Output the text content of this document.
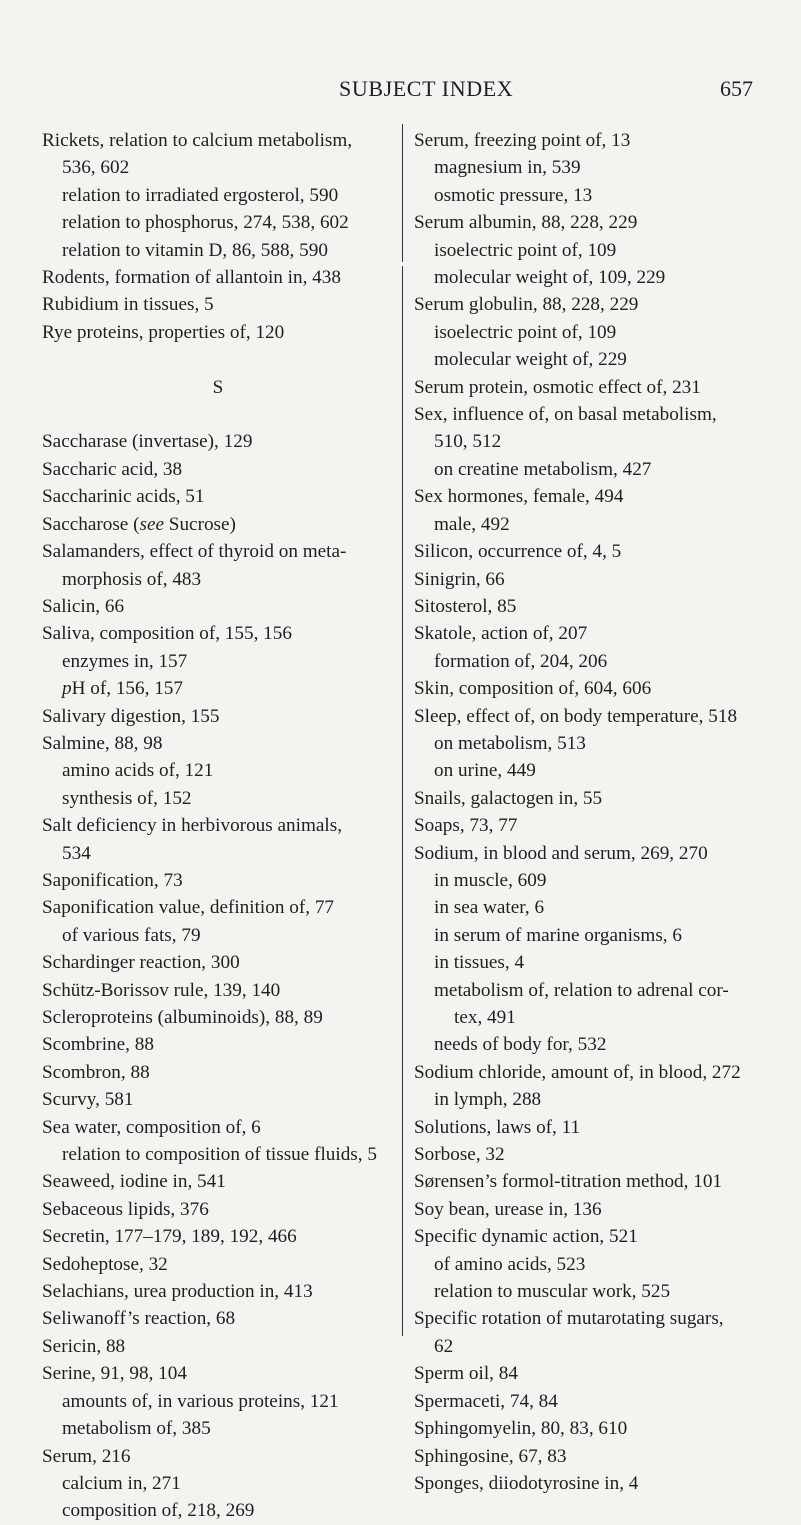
SUBJECT INDEX	657
Rickets, relation to calcium metabolism,
536, 602
relation to irradiated ergosterol, 590
relation to phosphorus, 274, 538, 602
relation to vitamin D, 86, 588, 590
Rodents, formation of allantoin in, 438
Rubidium in tissues, 5
Rye proteins, properties of, 120

S

Saccharase (invertase), 129
Saccharic acid, 38
Saccharinic acids, 51
Saccharose (see Sucrose)
Salamanders, effect of thyroid on meta-
morphosis of, 483
Salicin, 66
Saliva, composition of, 155, 156
enzymes in, 157
pH of, 156, 157
Salivary digestion, 155
Salmine, 88, 98
amino acids of, 121
synthesis of, 152
Salt deficiency in herbivorous animals,
534
Saponification, 73
Saponification value, definition of, 77
of various fats, 79
Schardinger reaction, 300
Schütz-Borissov rule, 139, 140
Scleroproteins (albuminoids), 88, 89
Scombrine, 88
Scombron, 88
Scurvy, 581
Sea water, composition of, 6
relation to composition of tissue fluids, 5
Seaweed, iodine in, 541
Sebaceous lipids, 376
Secretin, 177–179, 189, 192, 466
Sedoheptose, 32
Selachians, urea production in, 413
Seliwanoff’s reaction, 68
Sericin, 88
Serine, 91, 98, 104
amounts of, in various proteins, 121
metabolism of, 385
Serum, 216
calcium in, 271
composition of, 218, 269
Serum, freezing point of, 13
magnesium in, 539
osmotic pressure, 13
Serum albumin, 88, 228, 229
isoelectric point of, 109
molecular weight of, 109, 229
Serum globulin, 88, 228, 229
isoelectric point of, 109
molecular weight of, 229
Serum protein, osmotic effect of, 231
Sex, influence of, on basal metabolism,
510, 512
on creatine metabolism, 427
Sex hormones, female, 494
male, 492
Silicon, occurrence of, 4, 5
Sinigrin, 66
Sitosterol, 85
Skatole, action of, 207
formation of, 204, 206
Skin, composition of, 604, 606
Sleep, effect of, on body temperature, 518
on metabolism, 513
on urine, 449
Snails, galactogen in, 55
Soaps, 73, 77
Sodium, in blood and serum, 269, 270
in muscle, 609
in sea water, 6
in serum of marine organisms, 6
in tissues, 4
metabolism of, relation to adrenal cor-
tex, 491
needs of body for, 532
Sodium chloride, amount of, in blood, 272
in lymph, 288
Solutions, laws of, 11
Sorbose, 32
Sørensen’s formol-titration method, 101
Soy bean, urease in, 136
Specific dynamic action, 521
of amino acids, 523
relation to muscular work, 525
Specific rotation of mutarotating sugars,
62
Sperm oil, 84
Spermaceti, 74, 84
Sphingomyelin, 80, 83, 610
Sphingosine, 67, 83
Sponges, diiodotyrosine in, 4
